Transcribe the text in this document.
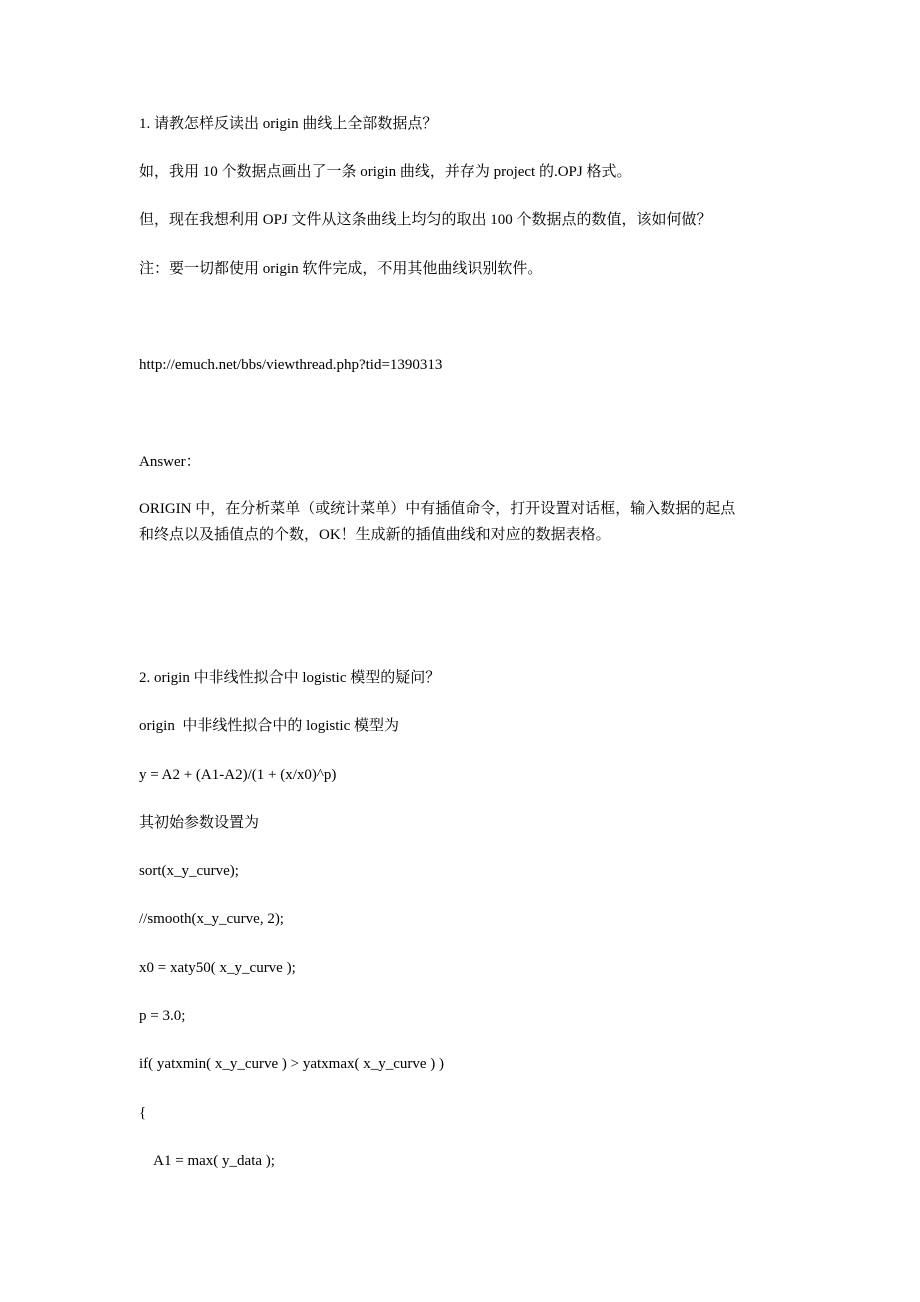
1. 请教怎样反读出 origin 曲线上全部数据点？
如，我用 10 个数据点画出了一条 origin 曲线，并存为 project 的.OPJ 格式。
但，现在我想利用 OPJ 文件从这条曲线上均匀的取出 100 个数据点的数值，该如何做？
注：要一切都使用 origin 软件完成，不用其他曲线识别软件。
http://emuch.net/bbs/viewthread.php?tid=1390313
Answer：
ORIGIN 中，在分析菜单（或统计菜单）中有插值命令，打开设置对话框，输入数据的起点
和终点以及插值点的个数，OK！生成新的插值曲线和对应的数据表格。
2. origin 中非线性拟合中 logistic 模型的疑问？
origin  中非线性拟合中的 logistic 模型为
y = A2 + (A1-A2)/(1 + (x/x0)^p)
其初始参数设置为
sort(x_y_curve);
//smooth(x_y_curve, 2);
x0 = xaty50( x_y_curve );
p = 3.0;
if( yatxmin( x_y_curve ) > yatxmax( x_y_curve ) )
{
A1 = max( y_data );
